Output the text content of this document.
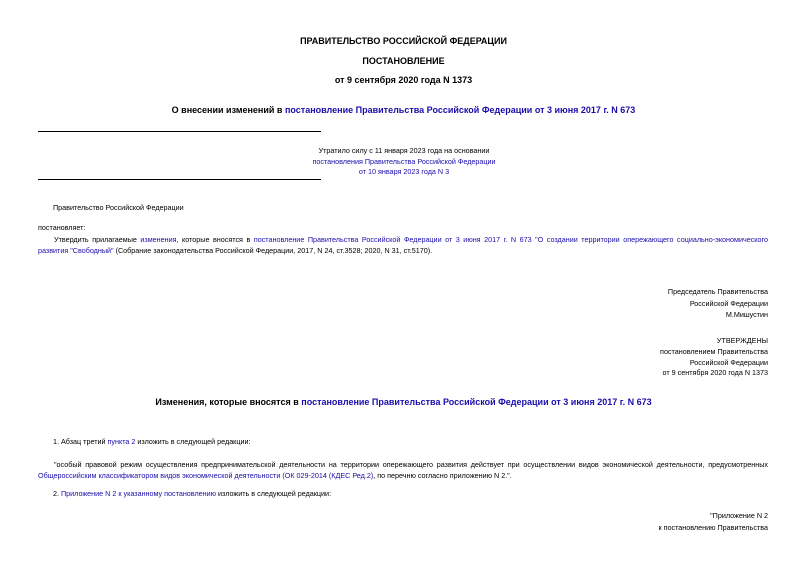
ПРАВИТЕЛЬСТВО РОССИЙСКОЙ ФЕДЕРАЦИИ
ПОСТАНОВЛЕНИЕ
от 9 сентября 2020 года N 1373
О внесении изменений в постановление Правительства Российской Федерации от 3 июня 2017 г. N 673
Утратило силу с 11 января 2023 года на основании
постановления Правительства Российской Федерации
от 10 января 2023 года N 3
Правительство Российской Федерации
постановляет:
Утвердить прилагаемые изменения, которые вносятся в постановление Правительства Российской Федерации от 3 июня 2017 г. N 673 "О создании территории опережающего социально-экономического развития "Свободный" (Собрание законодательства Российской Федерации, 2017, N 24, ст.3528; 2020, N 31, ст.5170).
Председатель Правительства
Российской Федерации
М.Мишустин
УТВЕРЖДЕНЫ
постановлением Правительства
Российской Федерации
от 9 сентября 2020 года N 1373
Изменения, которые вносятся в постановление Правительства Российской Федерации от 3 июня 2017 г. N 673
1. Абзац третий пункта 2 изложить в следующей редакции:
"особый правовой режим осуществления предпринимательской деятельности на территории опережающего развития действует при осуществлении видов экономической деятельности, предусмотренных Общероссийским классификатором видов экономической деятельности (ОК 029-2014 (КДЕС Ред.2), по перечню согласно приложению N 2.".
2. Приложение N 2 к указанному постановлению изложить в следующей редакции:
"Приложение N 2
к постановлению Правительства
